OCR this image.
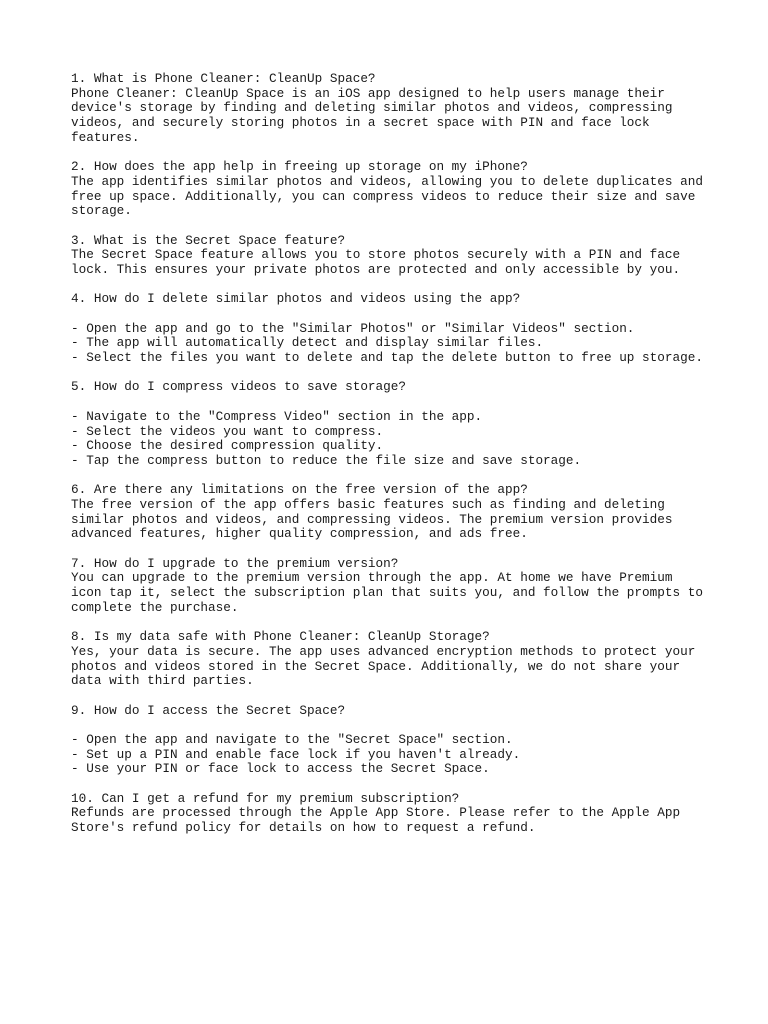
1. What is Phone Cleaner: CleanUp Space?
Phone Cleaner: CleanUp Space is an iOS app designed to help users manage their
device's storage by finding and deleting similar photos and videos, compressing
videos, and securely storing photos in a secret space with PIN and face lock
features.
2. How does the app help in freeing up storage on my iPhone?
The app identifies similar photos and videos, allowing you to delete duplicates and
free up space. Additionally, you can compress videos to reduce their size and save
storage.
3. What is the Secret Space feature?
The Secret Space feature allows you to store photos securely with a PIN and face
lock. This ensures your private photos are protected and only accessible by you.
4. How do I delete similar photos and videos using the app?
- Open the app and go to the "Similar Photos" or "Similar Videos" section.
- The app will automatically detect and display similar files.
- Select the files you want to delete and tap the delete button to free up storage.
5. How do I compress videos to save storage?
- Navigate to the "Compress Video" section in the app.
- Select the videos you want to compress.
- Choose the desired compression quality.
- Tap the compress button to reduce the file size and save storage.
6. Are there any limitations on the free version of the app?
The free version of the app offers basic features such as finding and deleting
similar photos and videos, and compressing videos. The premium version provides
advanced features, higher quality compression, and ads free.
7. How do I upgrade to the premium version?
You can upgrade to the premium version through the app. At home we have Premium
icon tap it, select the subscription plan that suits you, and follow the prompts to
complete the purchase.
8. Is my data safe with Phone Cleaner: CleanUp Storage?
Yes, your data is secure. The app uses advanced encryption methods to protect your
photos and videos stored in the Secret Space. Additionally, we do not share your
data with third parties.
9. How do I access the Secret Space?
- Open the app and navigate to the "Secret Space" section.
- Set up a PIN and enable face lock if you haven't already.
- Use your PIN or face lock to access the Secret Space.
10. Can I get a refund for my premium subscription?
Refunds are processed through the Apple App Store. Please refer to the Apple App
Store's refund policy for details on how to request a refund.
